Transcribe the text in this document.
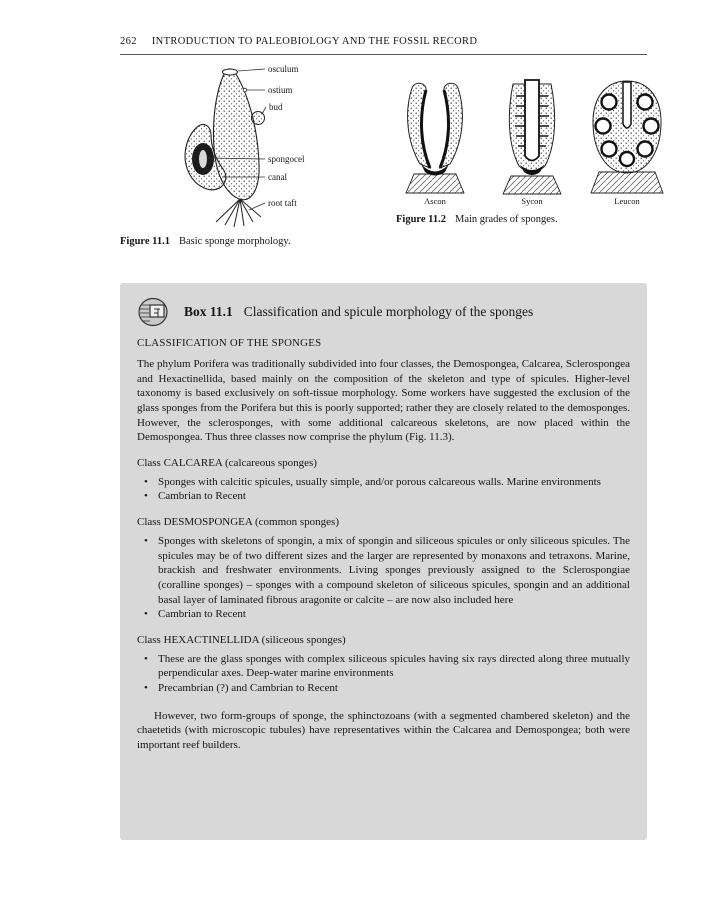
262 INTRODUCTION TO PALEOBIOLOGY AND THE FOSSIL RECORD
osculum
ostium
bud
spongocel
canal
root taft
Figure 11.1 Basic sponge morphology.
Ascon	Sycon	Leucon
Figure 11.2 Main grades of sponges.
Box 11.1 Classification and spicule morphology of the sponges
CLASSIFICATION OF THE SPONGES
The phylum Porifera was traditionally subdivided into four classes, the Demospongea, Calcarea, Sclerospongea and Hexactinellida, based mainly on the composition of the skeleton and type of spicules. Higher-level taxonomy is based exclusively on soft-tissue morphology. Some workers have suggested the exclusion of the glass sponges from the Porifera but this is poorly supported; rather they are closely related to the demosponges. However, the sclerosponges, with some additional calcareous skeletons, are now placed within the Demospongea. Thus three classes now comprise the phylum (Fig. 11.3).
Class CALCAREA (calcareous sponges)
• Sponges with calcitic spicules, usually simple, and/or porous calcareous walls. Marine environments
• Cambrian to Recent
Class DESMOSPONGEA (common sponges)
• Sponges with skeletons of spongin, a mix of spongin and siliceous spicules or only siliceous spicules. The spicules may be of two different sizes and the larger are represented by monaxons and tetraxons. Marine, brackish and freshwater environments. Living sponges previously assigned to the Sclerospongiae (coralline sponges) – sponges with a compound skeleton of siliceous spicules, spongin and an additional basal layer of laminated fibrous aragonite or calcite – are now also included here
• Cambrian to Recent
Class HEXACTINELLIDA (siliceous sponges)
• These are the glass sponges with complex siliceous spicules having six rays directed along three mutually perpendicular axes. Deep-water marine environments
• Precambrian (?) and Cambrian to Recent
However, two form-groups of sponge, the sphinctozoans (with a segmented chambered skeleton) and the chaetetids (with microscopic tubules) have representatives within the Calcarea and Demospongea; both were important reef builders.
